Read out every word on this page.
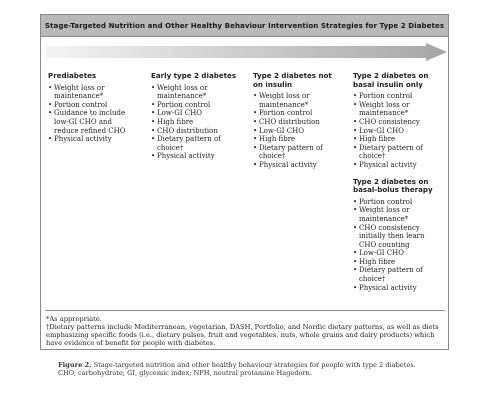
Stage-Targeted Nutrition and Other Healthy Behaviour Intervention Strategies for Type 2 Diabetes
Prediabetes
• Weight loss or maintenance*
• Portion control
• Guidance to include low-GI CHO and reduce refined CHO
• Physical activity
Early type 2 diabetes
• Weight loss or maintenance*
• Portion control
• Low-GI CHO
• High fibre
• CHO distribution
• Dietary pattern of choice†
• Physical activity
Type 2 diabetes not on insulin
• Weight loss or maintenance*
• Portion control
• CHO distribution
• Low-GI CHO
• High fibre
• Dietary pattern of choice†
• Physical activity
Type 2 diabetes on basal insulin only
• Portion control
• Weight loss or maintenance*
• CHO consistency
• Low-GI CHO
• High fibre
• Dietary pattern of choice†
• Physical activity
Type 2 diabetes on basal-bolus therapy
• Portion control
• Weight loss or maintenance*
• CHO consistency initially then learn CHO counting
• Low-GI CHO
• High fibre
• Dietary pattern of choice†
• Physical activity

*As appropriate.

†Dietary patterns include Mediterranean, vegetarian, DASH, Portfolio, and Nordic dietary patterns, as well as diets emphasizing specific foods (i.e., dietary pulses, fruit and vegetables, nuts, whole grains and dairy products) which have evidence of benefit for people with diabetes.

Figure 2. Stage-targeted nutrition and other healthy behaviour strategies for people with type 2 diabetes.
CHO, carbohydrate; GI, glycemic index; NPH, neutral protamine Hagedorn.
